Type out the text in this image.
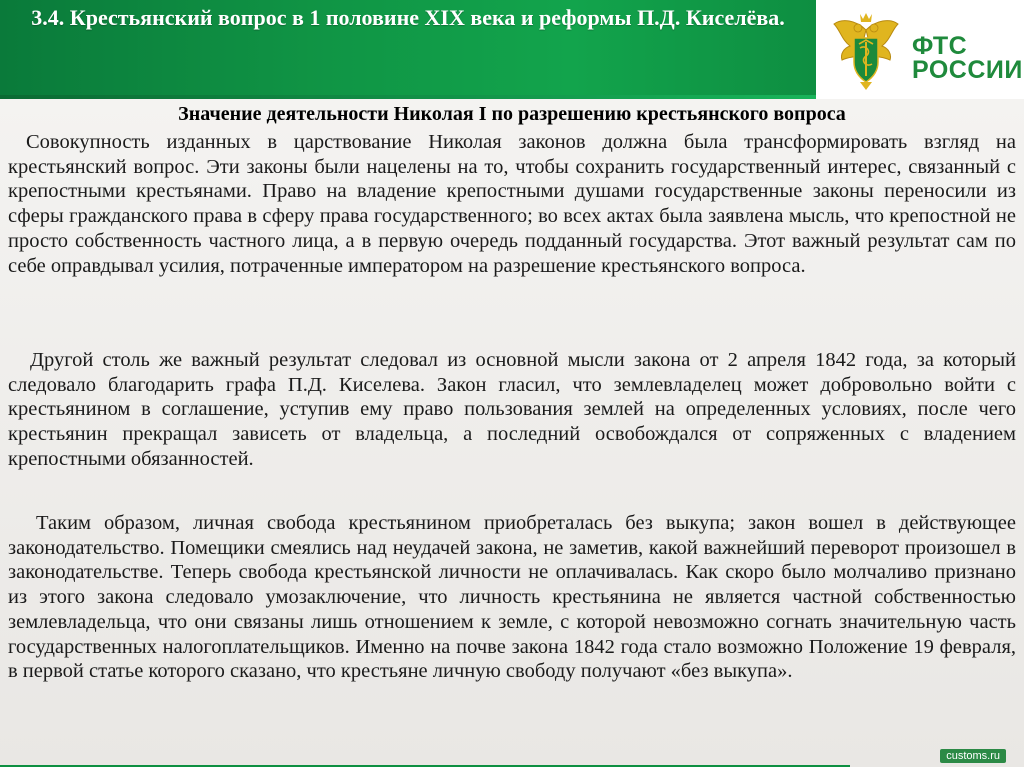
3.4. Крестьянский вопрос в 1 половине XIX века и реформы П.Д. Киселёва.
ФТС
РОССИИ
Значение деятельности Николая I по разрешению крестьянского вопроса

Совокупность изданных в царствование Николая законов должна была трансформировать взгляд на крестьянский вопрос. Эти законы были нацелены на то, чтобы сохранить государственный интерес, связанный с крепостными крестьянами. Право на владение крепостными душами государственные законы переносили из сферы гражданского права в сферу права государственного; во всех актах была заявлена мысль, что крепостной не просто собственность частного лица, а в первую очередь подданный государства. Этот важный результат сам по себе оправдывал усилия, потраченные императором на разрешение крестьянского вопроса.

Другой столь же важный результат следовал из основной мысли закона от 2 апреля 1842 года, за который следовало благодарить графа П.Д. Киселева. Закон гласил, что землевладелец может добровольно войти с крестьянином в соглашение, уступив ему право пользования землей на определенных условиях, после чего крестьянин прекращал зависеть от владельца, а последний освобождался от сопряженных с владением крепостными обязанностей.

Таким образом, личная свобода крестьянином приобреталась без выкупа; закон вошел в действующее законодательство. Помещики смеялись над неудачей закона, не заметив, какой важнейший переворот произошел в законодательстве. Теперь свобода крестьянской личности не оплачивалась. Как скоро было молчаливо признано из этого закона следовало умозаключение, что личность крестьянина не является частной собственностью землевладельца, что они связаны лишь отношением к земле, с которой невозможно согнать значительную часть государственных налогоплательщиков. Именно на почве закона 1842 года стало возможно Положение 19 февраля, в первой статье которого сказано, что крестьяне личную свободу получают «без выкупа».

customs.ru
